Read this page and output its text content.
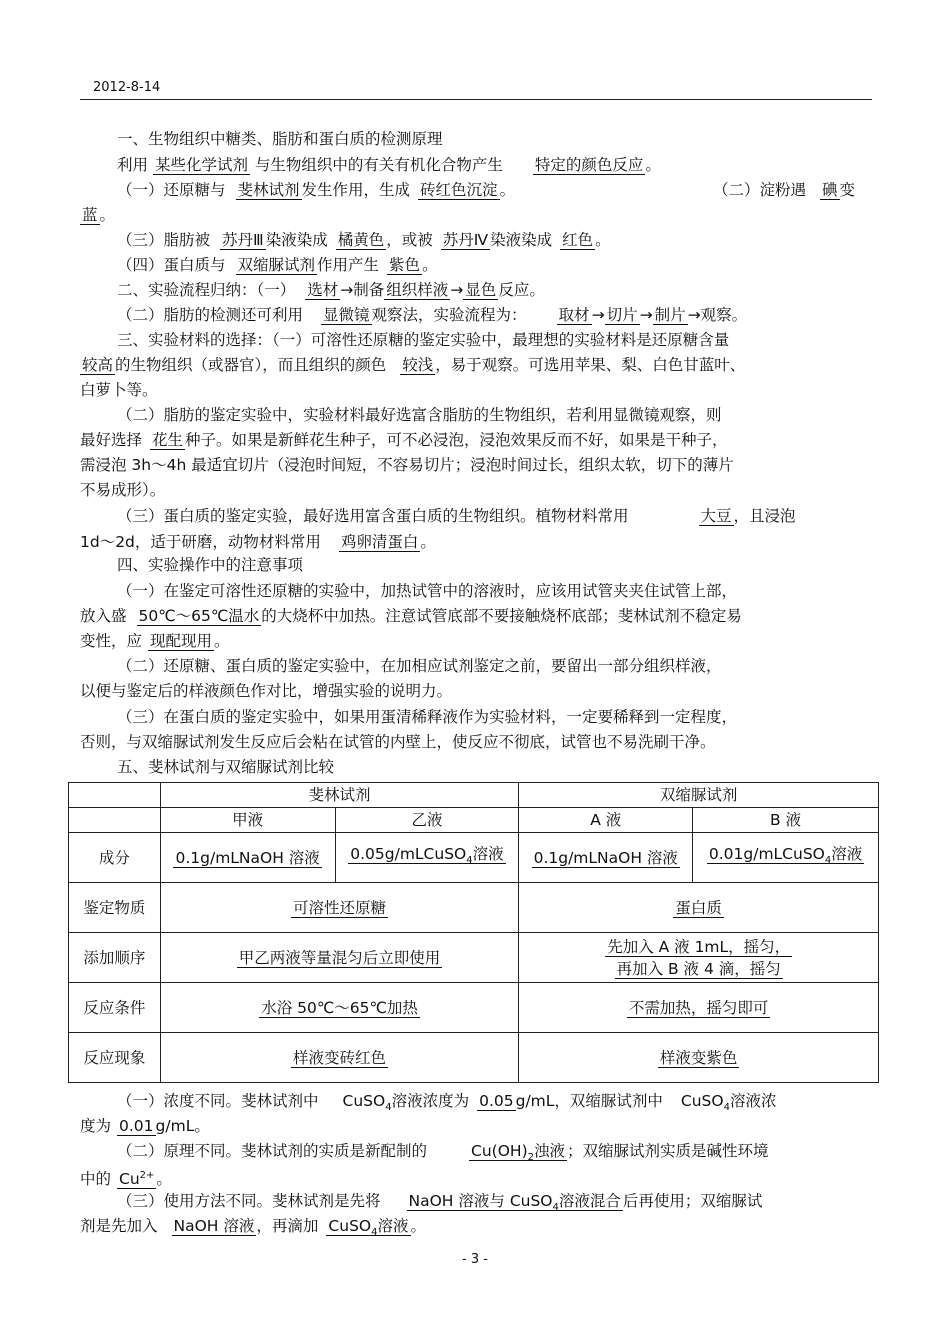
2012-8-14
一、生物组织中糖类、脂肪和蛋白质的检测原理
利用 某些化学试剂 与生物组织中的有关有机化合物产生 特定的颜色反应 。
（一）还原糖与 斐林试剂 发生作用，生成 砖红色沉淀 。	（二）淀粉遇 碘 变
蓝 。
（三）脂肪被 苏丹Ⅲ 染液染成 橘黄色 ，或被 苏丹Ⅳ 染液染成 红色 。
（四）蛋白质与 双缩脲试剂 作用产生 紫色 。
二、实验流程归纳：（一） 选材 →制备 组织样液 → 显色 反应。
（二）脂肪的检测还可利用 显微镜 观察法，实验流程为： 取材 → 切片 → 制片 →观察。
三、实验材料的选择：（一）可溶性还原糖的鉴定实验中，最理想的实验材料是还原糖含量
较高 的生物组织（或器官），而且组织的颜色 较浅 ，易于观察。可选用苹果、梨、白色甘蓝叶、
白萝卜等。
（二）脂肪的鉴定实验中，实验材料最好选富含脂肪的生物组织，若利用显微镜观察，则
最好选择 花生 种子。如果是新鲜花生种子，可不必浸泡，浸泡效果反而不好，如果是干种子，
需浸泡 3h～4h 最适宜切片（浸泡时间短，不容易切片；浸泡时间过长，组织太软，切下的薄片
不易成形）。
（三）蛋白质的鉴定实验，最好选用富含蛋白质的生物组织。植物材料常用	大豆 ，且浸泡
1d～2d，适于研磨，动物材料常用 鸡卵清蛋白 。
四、实验操作中的注意事项
（一）在鉴定可溶性还原糖的实验中，加热试管中的溶液时，应该用试管夹夹住试管上部，
放入盛 50℃～65℃温水 的大烧杯中加热。注意试管底部不要接触烧杯底部；斐林试剂不稳定易
变性，应 现配现用 。
（二）还原糖、蛋白质的鉴定实验中，在加相应试剂鉴定之前，要留出一部分组织样液，
以便与鉴定后的样液颜色作对比，增强实验的说明力。
（三）在蛋白质的鉴定实验中，如果用蛋清稀释液作为实验材料，一定要稀释到一定程度，
否则，与双缩脲试剂发生反应后会粘在试管的内壁上，使反应不彻底，试管也不易洗刷干净。
五、斐林试剂与双缩脲试剂比较
	斐林试剂		双缩脲试剂	
	甲液	乙液	A 液	B 液
成分	0.1g/mLNaOH 溶液	0.05g/mLCuSO$_4$溶液	0.1g/mLNaOH 溶液	0.01g/mLCuSO$_4$溶液
鉴定物质	可溶性还原糖		蛋白质	
添加顺序	甲乙两液等量混匀后立即使用		先加入 A 液 1mL，摇匀，
再加入 B 液 4 滴，摇匀	
反应条件	水浴 50℃～65℃加热		不需加热，摇匀即可	
反应现象	样液变砖红色		样液变紫色	
（一）浓度不同。斐林试剂中 CuSO$_4$溶液浓度为 0.05 g/mL，双缩脲试剂中 CuSO$_4$溶液浓
度为 0.01 g/mL。
（二）原理不同。斐林试剂的实质是新配制的	$Cu(OH)_2$浊液 ；双缩脲试剂实质是碱性环境
中的 $Cu^{2+}$ 。
（三）使用方法不同。斐林试剂是先将 NaOH 溶液与 CuSO$_4$溶液混合 后再使用；双缩脲试
剂是先加入 NaOH 溶液 ，再滴加 CuSO$_4$溶液 。
- 3 -
